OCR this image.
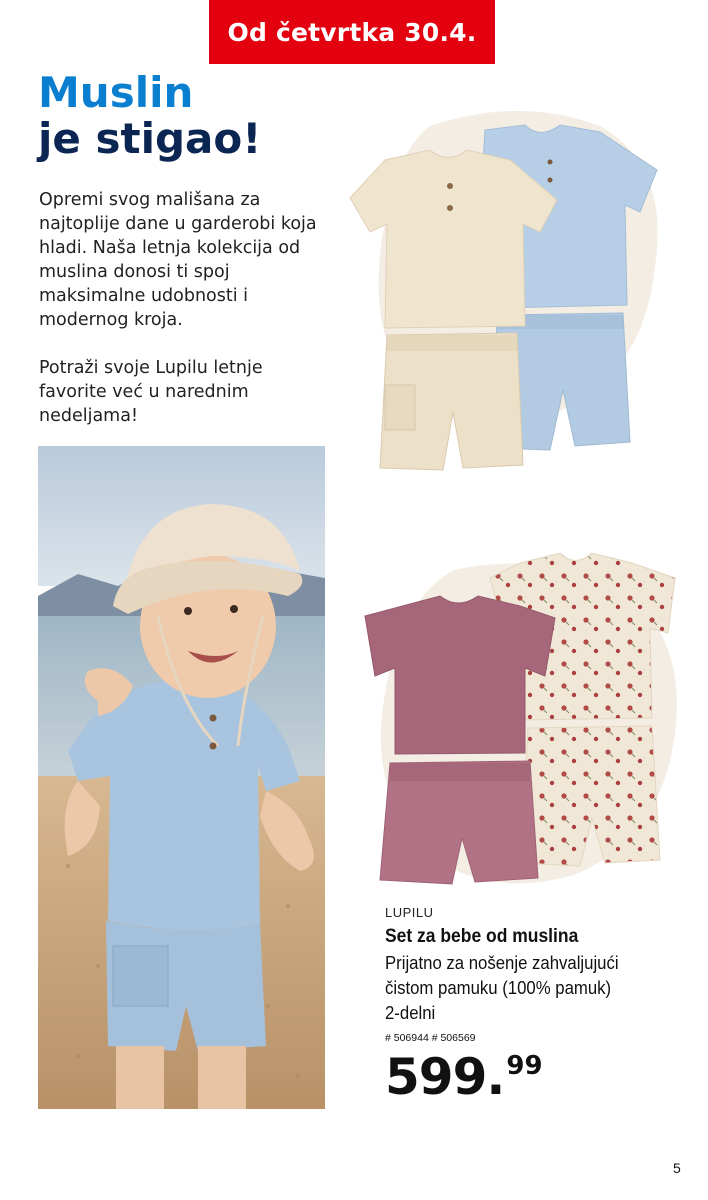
Od četvrtka 30.4.
Muslin
je stigao!

Opremi svog mališana za najtoplije dane u garderobi koja hladi. Naša letnja kolekcija od muslina donosi ti spoj maksimalne udobnosti i modernog kroja.

Potraži svoje Lupilu letnje favorite već u narednim nedeljama!

LUPILU
Set za bebe od muslina
Prijatno za nošenje zahvaljujući
čistom pamuku (100% pamuk)
2-delni
# 506944 # 506569
599. 99
5
